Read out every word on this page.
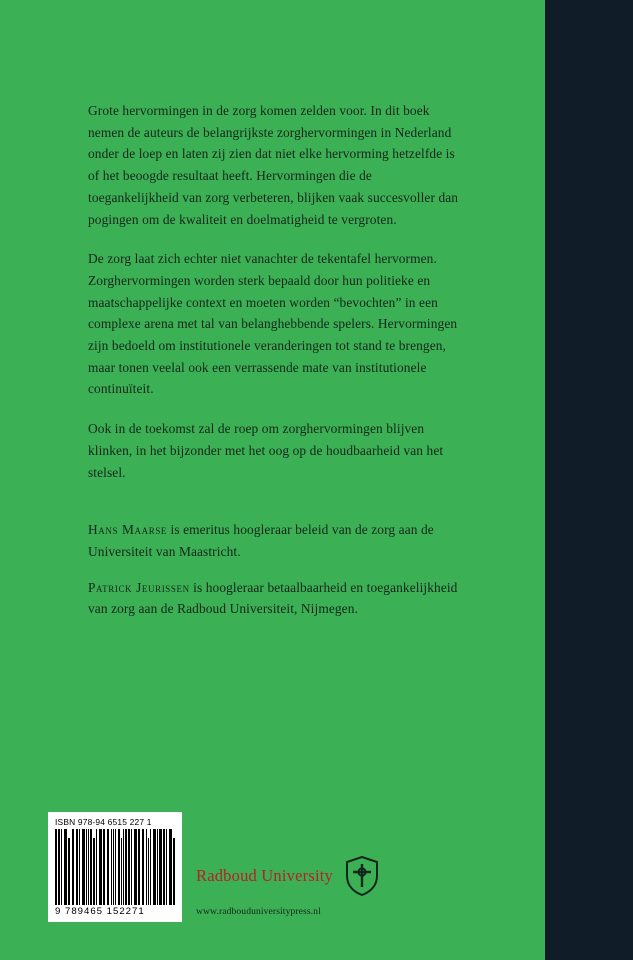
Grote hervormingen in de zorg komen zelden voor. In dit boek nemen de auteurs de belangrijkste zorghervormingen in Nederland onder de loep en laten zij zien dat niet elke hervorming hetzelfde is of het beoogde resultaat heeft. Hervormingen die de toegankelijkheid van zorg verbeteren, blijken vaak succesvoller dan pogingen om de kwaliteit en doelmatigheid te vergroten.

De zorg laat zich echter niet vanachter de tekentafel hervormen. Zorghervormingen worden sterk bepaald door hun politieke en maatschappelijke context en moeten worden “bevochten” in een complexe arena met tal van belanghebbende spelers. Hervormingen zijn bedoeld om institutionele veranderingen tot stand te brengen, maar tonen veelal ook een verrassende mate van institutionele continuïteit.

Ook in de toekomst zal de roep om zorghervormingen blijven klinken, in het bijzonder met het oog op de houdbaarheid van het stelsel.

Hans Maarse is emeritus hoogleraar beleid van de zorg aan de Universiteit van Maastricht.

Patrick Jeurissen is hoogleraar betaalbaarheid en toegankelijkheid van zorg aan de Radboud Universiteit, Nijmegen.

ISBN 978-94 6515 227 1
9 789465 152271
Radboud University
www.radbouduniversitypress.nl
